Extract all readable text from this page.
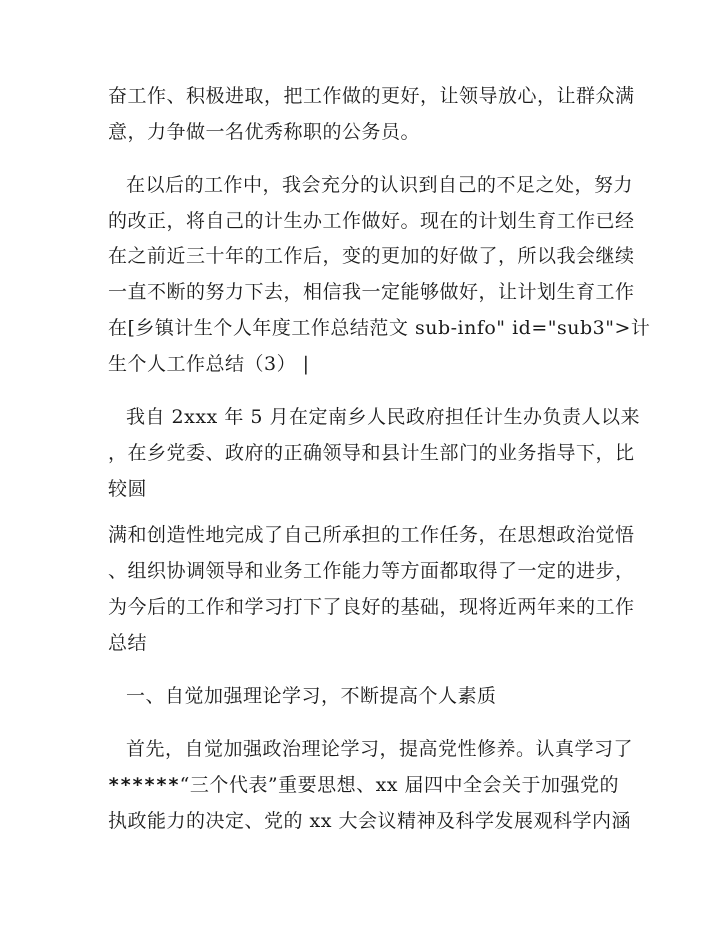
奋工作、积极进取，把工作做的更好，让领导放心，让群众满
意，力争做一名优秀称职的公务员。
在以后的工作中，我会充分的认识到自己的不足之处，努力
的改正，将自己的计生办工作做好。现在的计划生育工作已经
在之前近三十年的工作后，变的更加的好做了，所以我会继续
一直不断的努力下去，相信我一定能够做好，让计划生育工作
在[乡镇计生个人年度工作总结范文 sub-info" id="sub3">计
生个人工作总结（3） |
我自 2xxx 年 5 月在定南乡人民政府担任计生办负责人以来
，在乡党委、政府的正确领导和县计生部门的业务指导下，比
较圆
满和创造性地完成了自己所承担的工作任务，在思想政治觉悟
、组织协调领导和业务工作能力等方面都取得了一定的进步，
为今后的工作和学习打下了良好的基础，现将近两年来的工作
总结
一、自觉加强理论学习，不断提高个人素质
首先，自觉加强政治理论学习，提高党性修养。认真学习了
******“三个代表”重要思想、xx 届四中全会关于加强党的
执政能力的决定、党的 xx 大会议精神及科学发展观科学内涵
